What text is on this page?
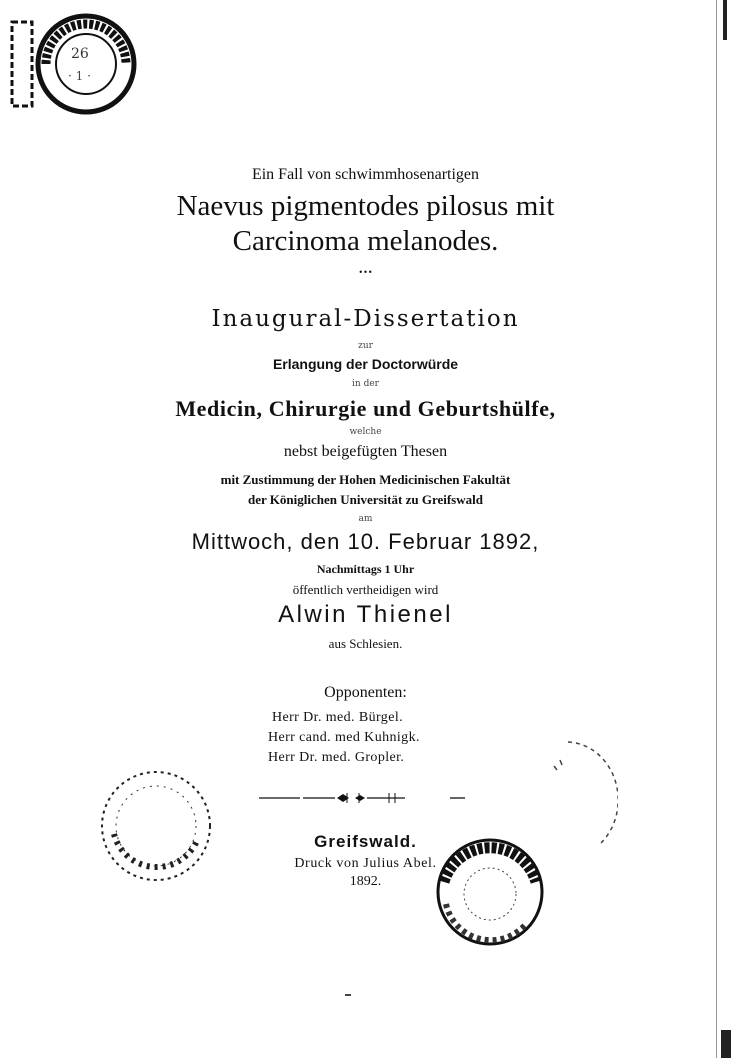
26
· 1 ·
Ein Fall von schwimmhosenartigen
Naevus pigmentodes pilosus mit
Carcinoma melanodes.
•••
Inaugural-Dissertation
zur
Erlangung der Doctorwürde
in der
Medicin, Chirurgie und Geburtshülfe,
welche
nebst beigefügten Thesen
mit Zustimmung der Hohen Medicinischen Fakultät
der Königlichen Universität zu Greifswald
am
Mittwoch, den 10. Februar 1892,
Nachmittags 1 Uhr
öffentlich vertheidigen wird
Alwin Thienel
aus Schlesien.
Opponenten:
Herr Dr. med. Bürgel.
Herr cand. med Kuhnigk.
Herr Dr. med. Gropler.
Greifswald.
Druck von Julius Abel.
1892.
